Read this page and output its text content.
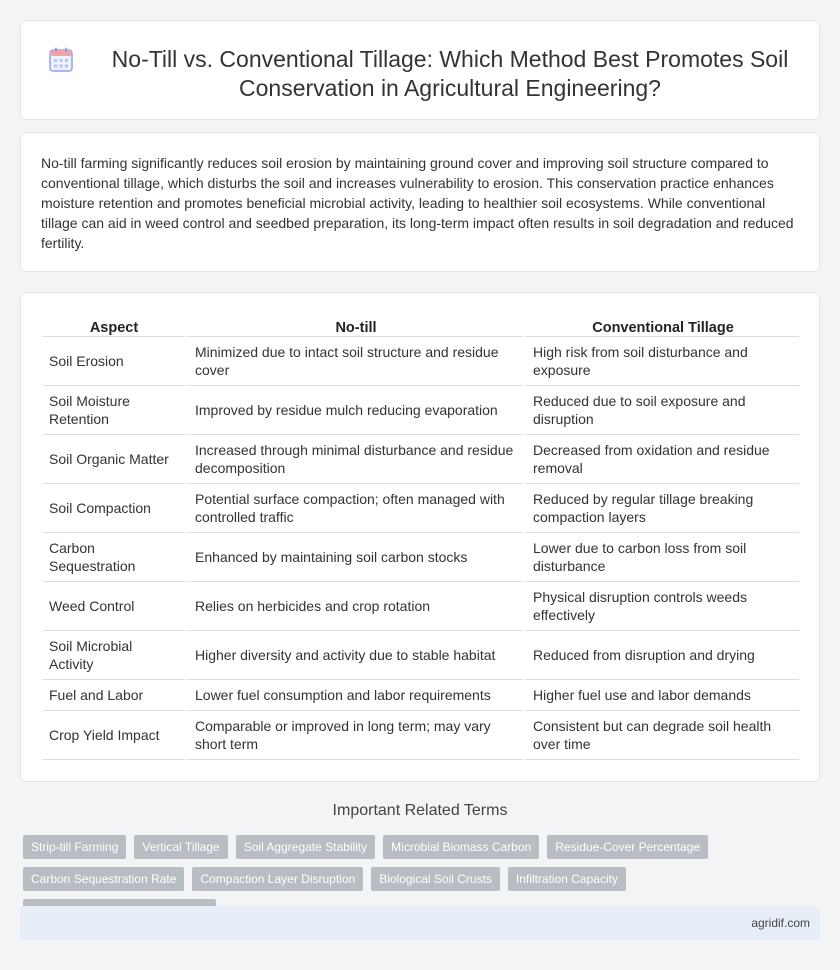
No-Till vs. Conventional Tillage: Which Method Best Promotes Soil Conservation in Agricultural Engineering?

No-till farming significantly reduces soil erosion by maintaining ground cover and improving soil structure compared to conventional tillage, which disturbs the soil and increases vulnerability to erosion. This conservation practice enhances moisture retention and promotes beneficial microbial activity, leading to healthier soil ecosystems. While conventional tillage can aid in weed control and seedbed preparation, its long-term impact often results in soil degradation and reduced fertility.

Aspect	No-till	Conventional Tillage
Soil Erosion	Minimized due to intact soil structure and residue cover	High risk from soil disturbance and exposure
Soil Moisture Retention	Improved by residue mulch reducing evaporation	Reduced due to soil exposure and disruption
Soil Organic Matter	Increased through minimal disturbance and residue decomposition	Decreased from oxidation and residue removal
Soil Compaction	Potential surface compaction; often managed with controlled traffic	Reduced by regular tillage breaking compaction layers
Carbon Sequestration	Enhanced by maintaining soil carbon stocks	Lower due to carbon loss from soil disturbance
Weed Control	Relies on herbicides and crop rotation	Physical disruption controls weeds effectively
Soil Microbial Activity	Higher diversity and activity due to stable habitat	Reduced from disruption and drying
Fuel and Labor	Lower fuel consumption and labor requirements	Higher fuel use and labor demands
Crop Yield Impact	Comparable or improved in long term; may vary short term	Consistent but can degrade soil health over time
Important Related Terms
Strip-till Farming	Vertical Tillage	Soil Aggregate Stability	Microbial Biomass Carbon	Residue-Cover Percentage
Carbon Sequestration Rate	Compaction Layer Disruption	Biological Soil Crusts	Infiltration Capacity
agridif.com
